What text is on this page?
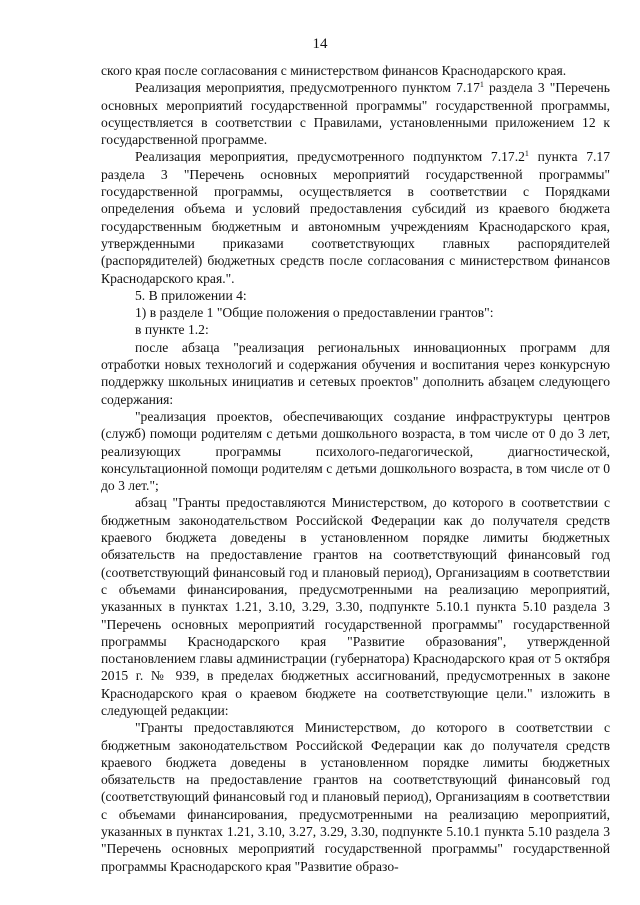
14

ского края после согласования с министерством финансов Краснодарского края.

Реализация мероприятия, предусмотренного пунктом 7.17$^1$ раздела 3 "Перечень основных мероприятий государственной программы" государственной программы, осуществляется в соответствии с Правилами, установленными приложением 12 к государственной программе.

Реализация мероприятия, предусмотренного подпунктом 7.17.2$^1$ пункта 7.17 раздела 3 "Перечень основных мероприятий государственной программы" государственной программы, осуществляется в соответствии с Порядками определения объема и условий предоставления субсидий из краевого бюджета государственным бюджетным и автономным учреждениям Краснодарского края, утвержденными приказами соответствующих главных распорядителей (распорядителей) бюджетных средств после согласования с министерством финансов Краснодарского края.".

5. В приложении 4:

1) в разделе 1 "Общие положения о предоставлении грантов":

в пункте 1.2:

после абзаца "реализация региональных инновационных программ для отработки новых технологий и содержания обучения и воспитания через конкурсную поддержку школьных инициатив и сетевых проектов" дополнить абзацем следующего содержания:

"реализация проектов, обеспечивающих создание инфраструктуры центров (служб) помощи родителям с детьми дошкольного возраста, в том числе от 0 до 3 лет, реализующих программы психолого-педагогической, диагностической, консультационной помощи родителям с детьми дошкольного возраста, в том числе от 0 до 3 лет.";

абзац "Гранты предоставляются Министерством, до которого в соответствии с бюджетным законодательством Российской Федерации как до получателя средств краевого бюджета доведены в установленном порядке лимиты бюджетных обязательств на предоставление грантов на соответствующий финансовый год (соответствующий финансовый год и плановый период), Организациям в соответствии с объемами финансирования, предусмотренными на реализацию мероприятий, указанных в пунктах 1.21, 3.10, 3.29, 3.30, подпункте 5.10.1 пункта 5.10 раздела 3 "Перечень основных мероприятий государственной программы" государственной программы Краснодарского края "Развитие образования", утвержденной постановлением главы администрации (губернатора) Краснодарского края от 5 октября 2015 г. № 939, в пределах бюджетных ассигнований, предусмотренных в законе Краснодарского края о краевом бюджете на соответствующие цели." изложить в следующей редакции:

"Гранты предоставляются Министерством, до которого в соответствии с бюджетным законодательством Российской Федерации как до получателя средств краевого бюджета доведены в установленном порядке лимиты бюджетных обязательств на предоставление грантов на соответствующий финансовый год (соответствующий финансовый год и плановый период), Организациям в соответствии с объемами финансирования, предусмотренными на реализацию мероприятий, указанных в пунктах 1.21, 3.10, 3.27, 3.29, 3.30, подпункте 5.10.1 пункта 5.10 раздела 3 "Перечень основных мероприятий государственной программы" государственной программы Краснодарского края "Развитие образо-
